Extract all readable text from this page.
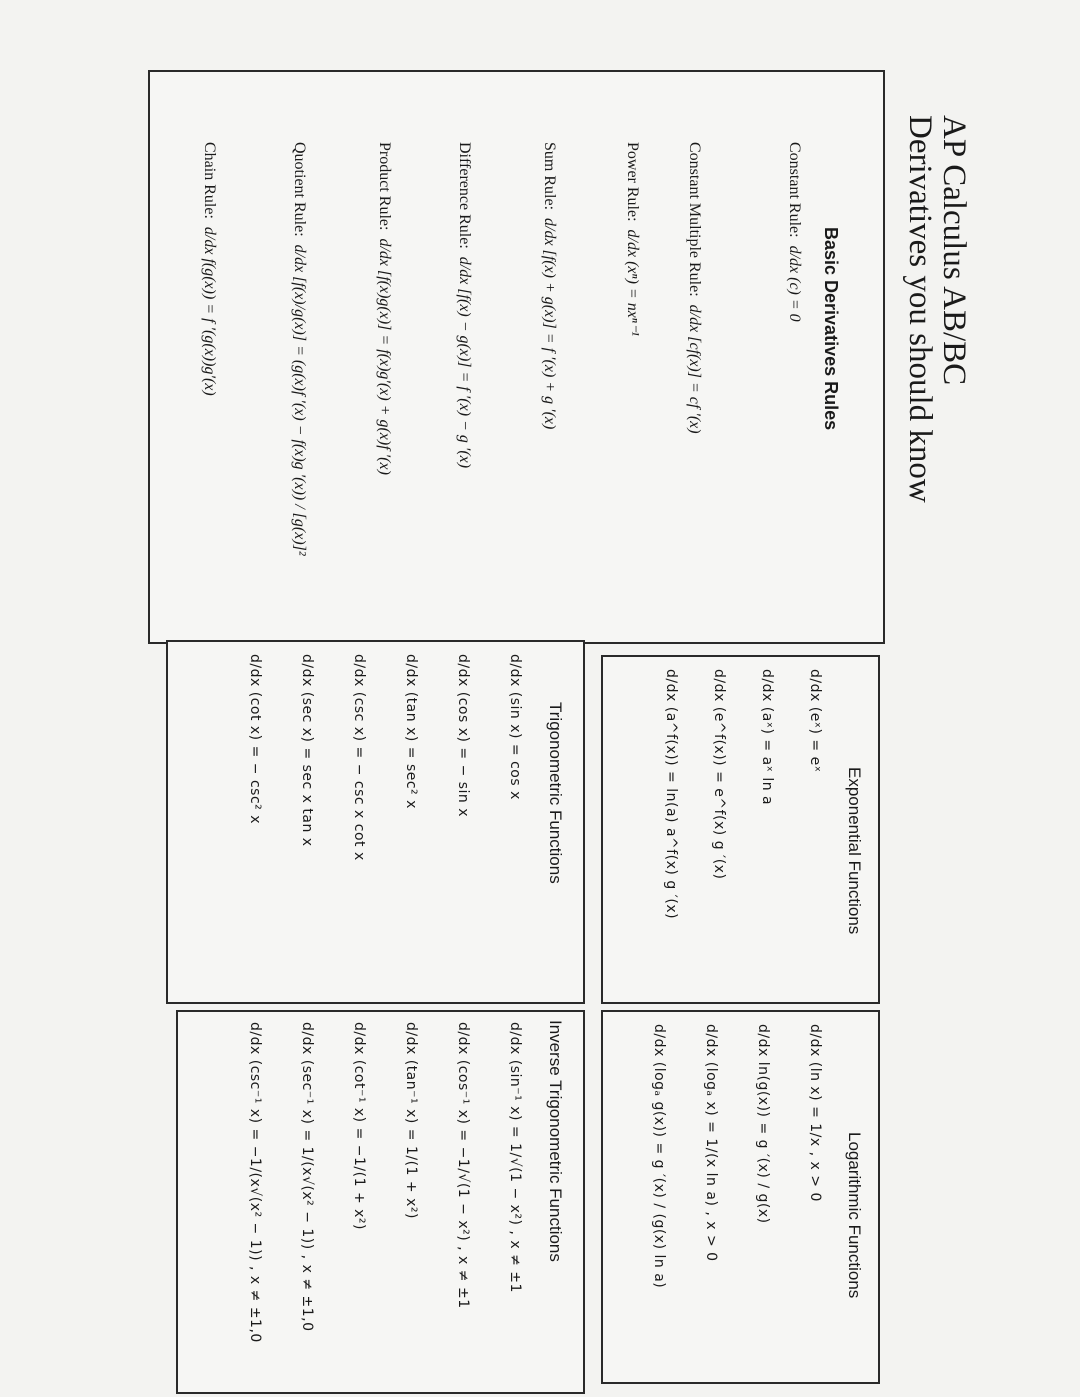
AP Calculus AB/BC
Derivatives you should know
Basic Derivatives Rules
Constant Rule:d/dx (c) = 0
Constant Multiple Rule:d/dx [cf(x)] = cf ′(x)
Power Rule:d/dx (xⁿ) = nxⁿ⁻¹
Sum Rule:d/dx [f(x) + g(x)] = f ′(x) + g ′(x)
Difference Rule:d/dx [f(x) − g(x)] = f ′(x) − g ′(x)
Product Rule:d/dx [f(x)g(x)] = f(x)g′(x) + g(x)f ′(x)
Quotient Rule:d/dx [f(x)/g(x)] = (g(x)f ′(x) − f(x)g ′(x)) / [g(x)]²
Chain Rule:d/dx f(g(x)) = f ′(g(x))g′(x)
Exponential Functions
d/dx (eˣ) = eˣ
d/dx (aˣ) = aˣ ln a
d/dx (e^f(x)) = e^f(x) g ′(x)
d/dx (a^f(x)) = ln(a) a^f(x) g ′(x)
Logarithmic Functions
d/dx (ln x) = 1/x , x > 0
d/dx ln(g(x)) = g ′(x) / g(x)
d/dx (logₐ x) = 1/(x ln a) , x > 0
d/dx (logₐ g(x)) = g ′(x) / (g(x) ln a)
Trigonometric Functions
d/dx (sin x) = cos x
d/dx (cos x) = − sin x
d/dx (tan x) = sec² x
d/dx (csc x) = − csc x cot x
d/dx (sec x) = sec x tan x
d/dx (cot x) = − csc² x
Inverse Trigonometric Functions
d/dx (sin⁻¹ x) = 1/√(1 − x²) , x ≠ ±1
d/dx (cos⁻¹ x) = −1/√(1 − x²) , x ≠ ±1
d/dx (tan⁻¹ x) = 1/(1 + x²)
d/dx (cot⁻¹ x) = −1/(1 + x²)
d/dx (sec⁻¹ x) = 1/(x√(x² − 1)) , x ≠ ±1,0
d/dx (csc⁻¹ x) = −1/(x√(x² − 1)) , x ≠ ±1,0
